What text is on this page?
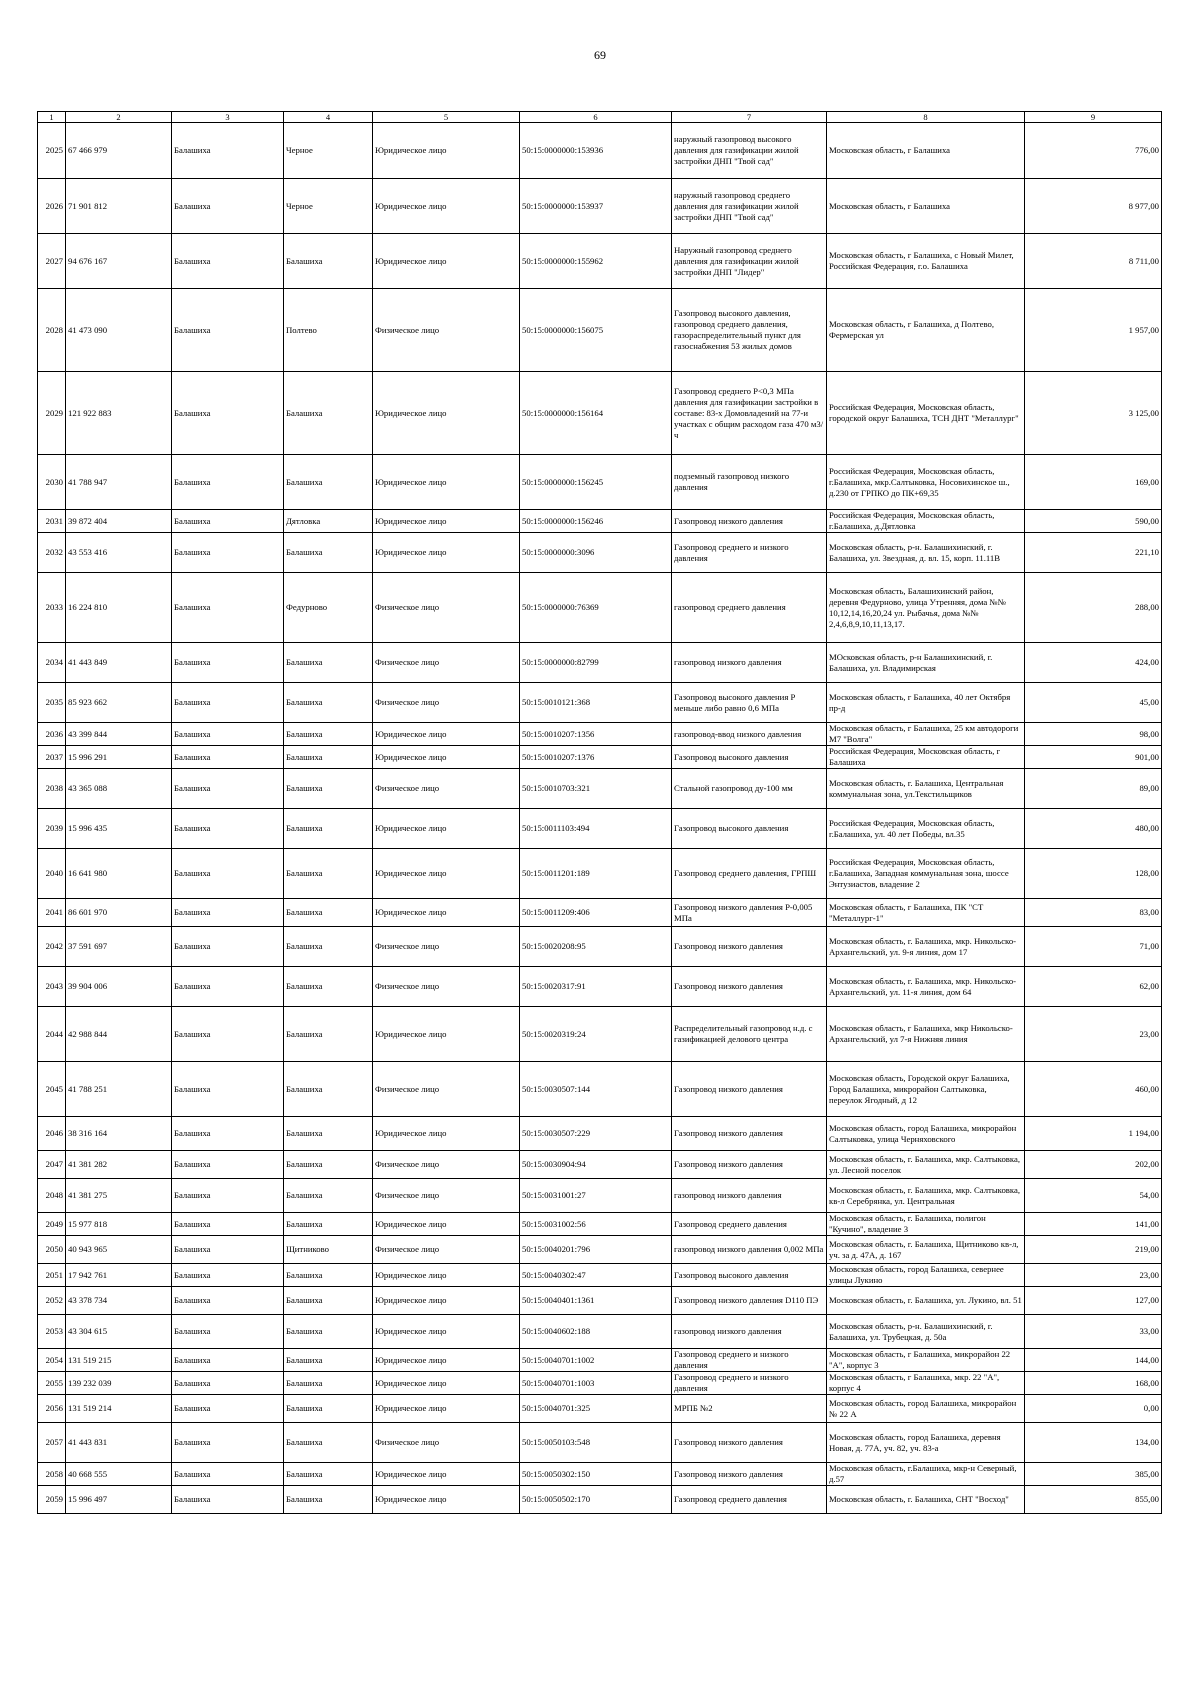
69
1	2	3	4	5	6	7	8	9
2025	67 466 979	Балашиха	Черное	Юридическое лицо	50:15:0000000:153936	наружный газопровод высокого давления для газификации жилой застройки ДНП "Твой сад"	Московская область, г Балашиха	776,00
2026	71 901 812	Балашиха	Черное	Юридическое лицо	50:15:0000000:153937	наружный газопровод среднего давления для газификации жилой застройки ДНП "Твой сад"	Московская область, г Балашиха	8 977,00
2027	94 676 167	Балашиха	Балашиха	Юридическое лицо	50:15:0000000:155962	Наружный газопровод среднего давления для газификации жилой застройки ДНП "Лидер"	Московская область, г Балашиха, с Новый Милет, Российская Федерация, г.о. Балашиха	8 711,00
2028	41 473 090	Балашиха	Полтево	Физическое лицо	50:15:0000000:156075	Газопровод высокого давления, газопровод среднего давления, газораспределительный пункт для газоснабжения 53 жилых домов	Московская область, г Балашиха, д Полтево, Фермерская ул	1 957,00
2029	121 922 883	Балашиха	Балашиха	Юридическое лицо	50:15:0000000:156164	Газопровод среднего Р<0,3 МПа давления для газификации застройки в составе: 83-х Домовладений на 77-и участках с общим расходом газа 470 м3/ч	Российская Федерация, Московская область, городской округ Балашиха, ТСН ДНТ "Металлург"	3 125,00
2030	41 788 947	Балашиха	Балашиха	Юридическое лицо	50:15:0000000:156245	подземный газопровод низкого давления	Российская Федерация, Московская область, г.Балашиха, мкр.Салтыковка, Носовихинское ш., д.230 от ГРПКО до ПК+69,35	169,00
2031	39 872 404	Балашиха	Дятловка	Юридическое лицо	50:15:0000000:156246	Газопровод низкого давления	Российская Федерация, Московская область, г.Балашиха, д.Дятловка	590,00
2032	43 553 416	Балашиха	Балашиха	Юридическое лицо	50:15:0000000:3096	Газопровод среднего и низкого давления	Московская область, р-н. Балашихинский, г. Балашиха, ул. Звездная, д. вл. 15, корп. 11.11В	221,10
2033	16 224 810	Балашиха	Федурново	Физическое лицо	50:15:0000000:76369	газопровод среднего давления	Московская область, Балашихинский район, деревня Федурново, улица Утренняя, дома №№ 10,12,14,16,20,24 ул. Рыбачья, дома №№ 2,4,6,8,9,10,11,13,17.	288,00
2034	41 443 849	Балашиха	Балашиха	Физическое лицо	50:15:0000000:82799	газопровод низкого давления	МОсковская область, р-н Балашихинский, г. Балашиха, ул. Владимирская	424,00
2035	85 923 662	Балашиха	Балашиха	Физическое лицо	50:15:0010121:368	Газопровод высокого давления Р меньше либо равно 0,6 МПа	Московская область, г Балашиха, 40 лет Октября пр-д	45,00
2036	43 399 844	Балашиха	Балашиха	Юридическое лицо	50:15:0010207:1356	газопровод-ввод низкого давления	Московская область, г Балашиха, 25 км автодороги М7 "Волга"	98,00
2037	15 996 291	Балашиха	Балашиха	Юридическое лицо	50:15:0010207:1376	Газопровод высокого давления	Российская Федерация, Московская область, г Балашиха	901,00
2038	43 365 088	Балашиха	Балашиха	Физическое лицо	50:15:0010703:321	Стальной газопровод ду-100 мм	Московская область, г. Балашиха, Центральная коммунальная зона, ул.Текстильщиков	89,00
2039	15 996 435	Балашиха	Балашиха	Юридическое лицо	50:15:0011103:494	Газопровод высокого давления	Российская Федерация, Московская область, г.Балашиха, ул. 40 лет Победы, вл.35	480,00
2040	16 641 980	Балашиха	Балашиха	Юридическое лицо	50:15:0011201:189	Газопровод среднего давления, ГРПШ	Российская Федерация, Московская область, г.Балашиха, Западная коммунальная зона, шоссе Энтузиастов, владение 2	128,00
2041	86 601 970	Балашиха	Балашиха	Юридическое лицо	50:15:0011209:406	Газопровод низкого давления Р-0,005 МПа	Московская область, г Балашиха, ПК "СТ "Металлург-1"	83,00
2042	37 591 697	Балашиха	Балашиха	Физическое лицо	50:15:0020208:95	Газопровод низкого давления	Московская область, г. Балашиха, мкр. Никольско-Архангельский, ул. 9-я линия, дом 17	71,00
2043	39 904 006	Балашиха	Балашиха	Физическое лицо	50:15:0020317:91	Газопровод низкого давления	Московская область, г. Балашиха, мкр. Никольско-Архангельский, ул. 11-я линия, дом 64	62,00
2044	42 988 844	Балашиха	Балашиха	Юридическое лицо	50:15:0020319:24	Распределительный газопровод н.д. с газификацией делового центра	Московская область, г Балашиха, мкр Никольско-Архангельский, ул 7-я Нижняя линия	23,00
2045	41 788 251	Балашиха	Балашиха	Физическое лицо	50:15:0030507:144	Газопровод низкого давления	Московская область, Городской округ Балашиха, Город Балашиха, микрорайон Салтыковка, переулок Ягодный, д 12	460,00
2046	38 316 164	Балашиха	Балашиха	Юридическое лицо	50:15:0030507:229	Газопровод низкого давления	Московская область, город Балашиха, микрорайон Салтыковка, улица Черняховского	1 194,00
2047	41 381 282	Балашиха	Балашиха	Физическое лицо	50:15:0030904:94	Газопровод низкого давления	Московская область, г. Балашиха, мкр. Салтыковка, ул. Лесной поселок	202,00
2048	41 381 275	Балашиха	Балашиха	Физическое лицо	50:15:0031001:27	газопровод низкого давления	Московская область, г. Балашиха, мкр. Салтыковка, кв-л Серебрянка, ул. Центральная	54,00
2049	15 977 818	Балашиха	Балашиха	Юридическое лицо	50:15:0031002:56	Газопровод среднего давления	Московская область, г. Балашиха, полигон "Кучино", владение 3	141,00
2050	40 943 965	Балашиха	Щитниково	Физическое лицо	50:15:0040201:796	газопровод низкого давления 0,002 МПа	Московская область, г. Балашиха, Щитниково кв-л, уч. за д. 47А, д. 167	219,00
2051	17 942 761	Балашиха	Балашиха	Юридическое лицо	50:15:0040302:47	Газопровод высокого давления	Московская область, город Балашиха, севернее улицы Лукино	23,00
2052	43 378 734	Балашиха	Балашиха	Юридическое лицо	50:15:0040401:1361	Газопровод низкого давления D110 ПЭ	Московская область, г. Балашиха, ул. Лукино, вл. 51	127,00
2053	43 304 615	Балашиха	Балашиха	Юридическое лицо	50:15:0040602:188	газопровод низкого давления	Московская область, р-н. Балашихинский, г. Балашиха, ул. Трубецкая, д. 50а	33,00
2054	131 519 215	Балашиха	Балашиха	Юридическое лицо	50:15:0040701:1002	Газопровод среднего и низкого давления	Московская область, г Балашиха, микрорайон 22 "А", корпус 3	144,00
2055	139 232 039	Балашиха	Балашиха	Юридическое лицо	50:15:0040701:1003	Газопровод среднего и низкого давления	Московская область, г Балашиха, мкр. 22 "А", корпус 4	168,00
2056	131 519 214	Балашиха	Балашиха	Юридическое лицо	50:15:0040701:325	МРПБ №2	Московская область, город Балашиха, микрорайон № 22 А	0,00
2057	41 443 831	Балашиха	Балашиха	Физическое лицо	50:15:0050103:548	Газопровод низкого давления	Московская область, город Балашиха, деревня Новая, д. 77А, уч. 82, уч. 83-а	134,00
2058	40 668 555	Балашиха	Балашиха	Юридическое лицо	50:15:0050302:150	Газопровод низкого давления	Московская область, г.Балашиха, мкр-н Северный, д.57	385,00
2059	15 996 497	Балашиха	Балашиха	Юридическое лицо	50:15:0050502:170	Газопровод среднего давления	Московская область, г. Балашиха, СНТ "Восход"	855,00
